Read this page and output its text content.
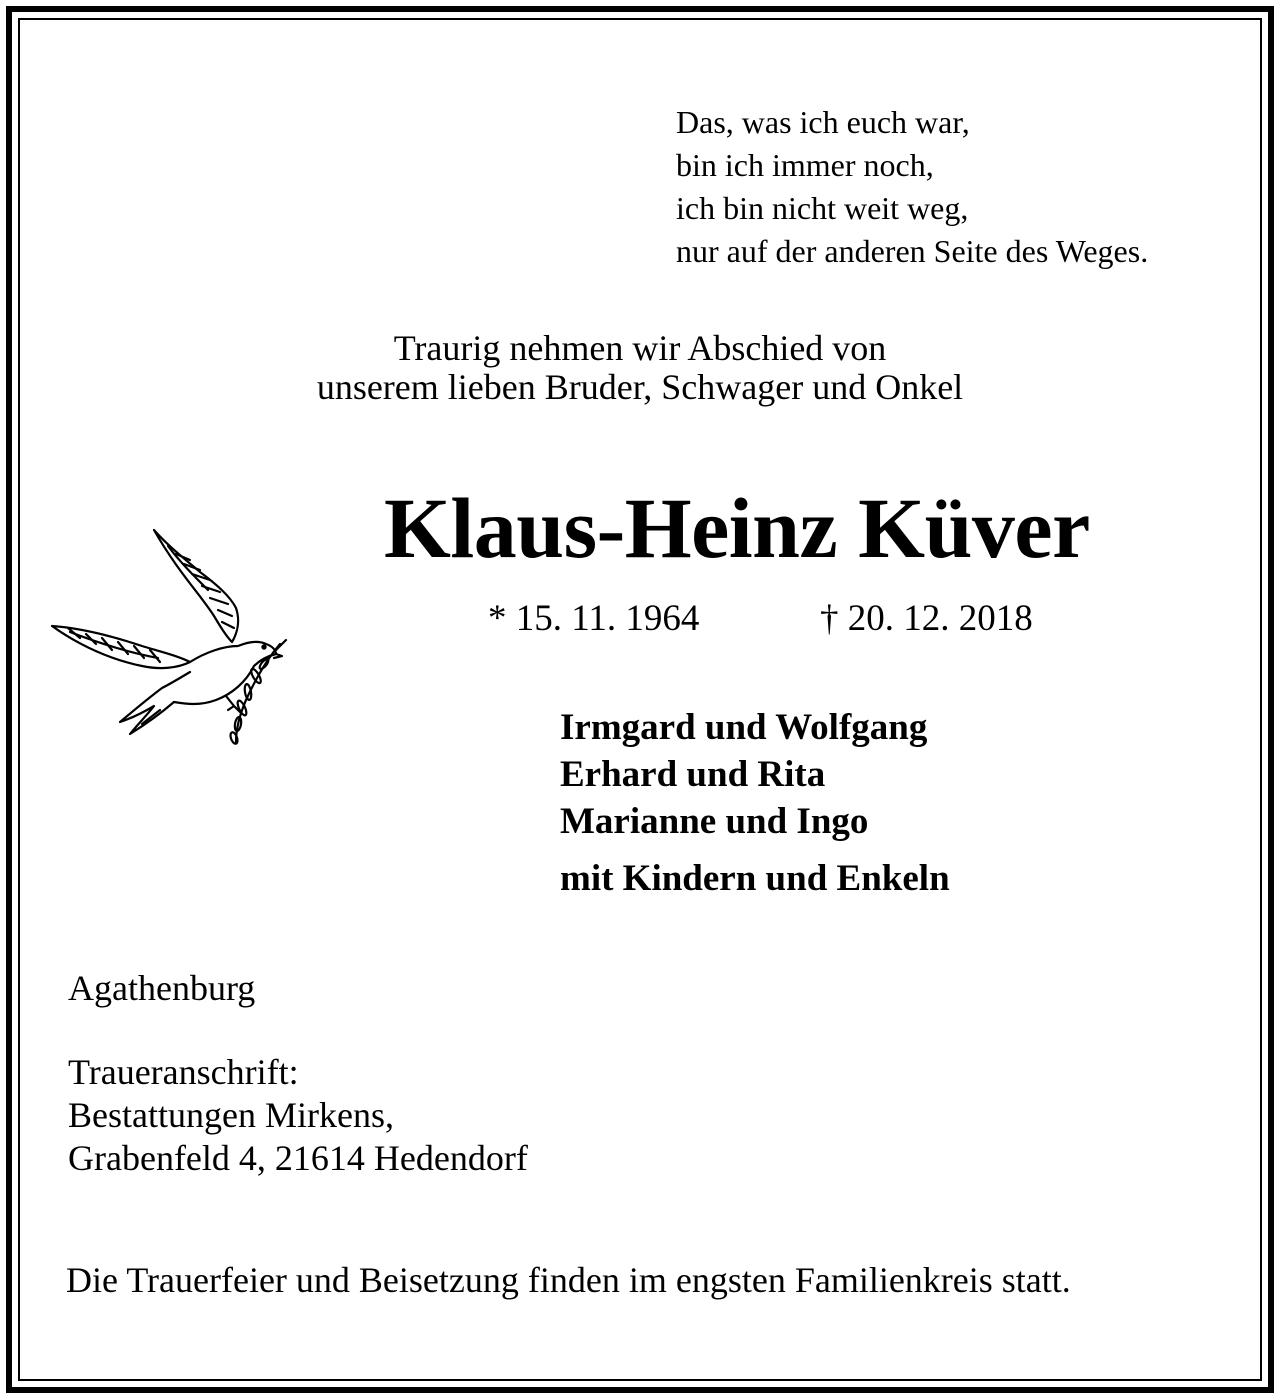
Das, was ich euch war,
bin ich immer noch,
ich bin nicht weit weg,
nur auf der anderen Seite des Weges.
Traurig nehmen wir Abschied von
unserem lieben Bruder, Schwager und Onkel
Klaus-Heinz Küver
* 15. 11. 1964	† 20. 12. 2018
Irmgard und Wolfgang
Erhard und Rita
Marianne und Ingo
mit Kindern und Enkeln
Agathenburg
Traueranschrift:
Bestattungen Mirkens,
Grabenfeld 4, 21614 Hedendorf
Die Trauerfeier und Beisetzung finden im engsten Familienkreis statt.
